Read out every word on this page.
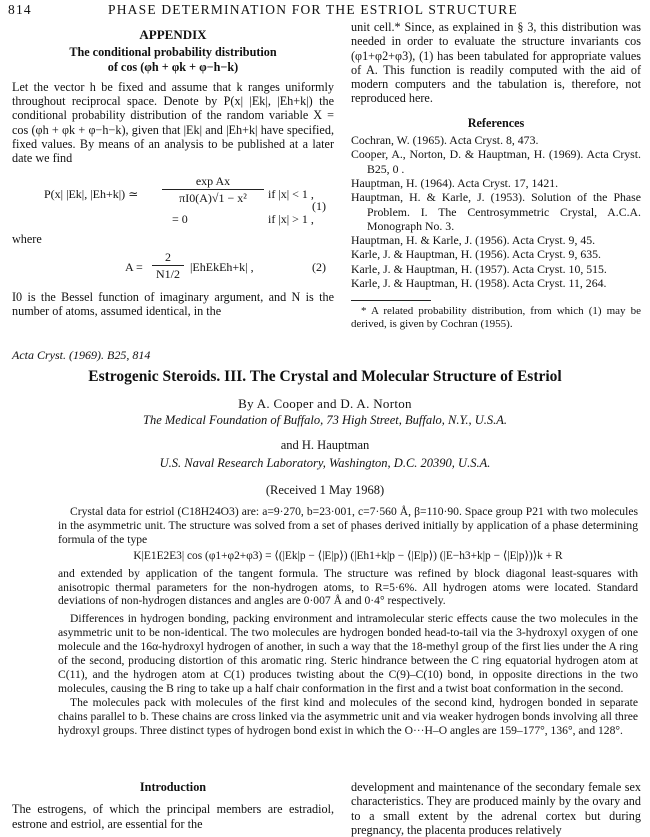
814	PHASE DETERMINATION FOR THE ESTRIOL STRUCTURE
APPENDIX
The conditional probability distribution
of cos (φh + φk + φ−h−k)

Let the vector h be fixed and assume that k ranges uniformly throughout reciprocal space. Denote by P(x| |Ek|, |Eh+k|) the conditional probability distribution of the random variable X = cos (φh + φk + φ−h−k), given that |Ek| and |Eh+k| have specified, fixed values. By means of an analysis to be published at a later date we find

P(x| |Ek|, |Eh+k|) ≃
exp Ax
πI0(A)√1 − x²	if |x| < 1 ,
= 0	if |x| > 1 ,
(1)
where
A =
2
N1/2
|EhEkEh+k| ,	(2)

I0 is the Bessel function of imaginary argument, and N is the number of atoms, assumed identical, in the

unit cell.* Since, as explained in § 3, this distribution was needed in order to evaluate the structure invariants cos (φ1+φ2+φ3), (1) has been tabulated for appropriate values of A. This function is readily computed with the aid of modern computers and the tabulation is, therefore, not reproduced here.

References

Cochran, W. (1965). Acta Cryst. 8, 473.

Cooper, A., Norton, D. & Hauptman, H. (1969). Acta Cryst. B25, 0 .

Hauptman, H. (1964). Acta Cryst. 17, 1421.

Hauptman, H. & Karle, J. (1953). Solution of the Phase Problem. I. The Centrosymmetric Crystal, A.C.A. Monograph No. 3.

Hauptman, H. & Karle, J. (1956). Acta Cryst. 9, 45.

Karle, J. & Hauptman, H. (1956). Acta Cryst. 9, 635.

Karle, J. & Hauptman, H. (1957). Acta Cryst. 10, 515.

Karle, J. & Hauptman, H. (1958). Acta Cryst. 11, 264.

* A related probability distribution, from which (1) may be derived, is given by Cochran (1955).

Acta Cryst. (1969). B25, 814
Estrogenic Steroids. III. The Crystal and Molecular Structure of Estriol
By A. Cooper and D. A. Norton
The Medical Foundation of Buffalo, 73 High Street, Buffalo, N.Y., U.S.A.
and H. Hauptman
U.S. Naval Research Laboratory, Washington, D.C. 20390, U.S.A.
(Received 1 May 1968)

Crystal data for estriol (C18H24O3) are: a=9·270, b=23·001, c=7·560 Å, β=110·90. Space group P21 with two molecules in the asymmetric unit. The structure was solved from a set of phases derived initially by application of a phase determining formula of the type

K|E1E2E3| cos (φ1+φ2+φ3) = ⟨(|Ek|p − ⟨|E|p⟩) (|Eh1+k|p − ⟨|E|p⟩) (|E−h3+k|p − ⟨|E|p⟩)⟩k + R

and extended by application of the tangent formula. The structure was refined by block diagonal least-squares with anisotropic thermal parameters for the non-hydrogen atoms, to R=5·6%. All hydrogen atoms were located. Standard deviations of non-hydrogen distances and angles are 0·007 Å and 0·4° respectively.

Differences in hydrogen bonding, packing environment and intramolecular steric effects cause the two molecules in the asymmetric unit to be non-identical. The two molecules are hydrogen bonded head-to-tail via the 3-hydroxyl oxygen of one molecule and the 16α-hydroxyl hydrogen of another, in such a way that the 18-methyl group of the first lies under the A ring of the second, producing distortion of this aromatic ring. Steric hindrance between the C ring equatorial hydrogen atom at C(11), and the hydrogen atom at C(1) produces twisting about the C(9)–C(10) bond, in opposite directions in the two molecules, causing the B ring to take up a half chair conformation in the first and a twist boat conformation in the second.

The molecules pack with molecules of the first kind and molecules of the second kind, hydrogen bonded in separate chains parallel to b. These chains are cross linked via the asymmetric unit and via weaker hydrogen bonds involving all three hydroxyl groups. Three distinct types of hydrogen bond exist in which the O···H–O angles are 159–177°, 136°, and 128°.

Introduction

The estrogens, of which the principal members are estradiol, estrone and estriol, are essential for the

development and maintenance of the secondary female sex characteristics. They are produced mainly by the ovary and to a small extent by the adrenal cortex but during pregnancy, the placenta produces relatively
